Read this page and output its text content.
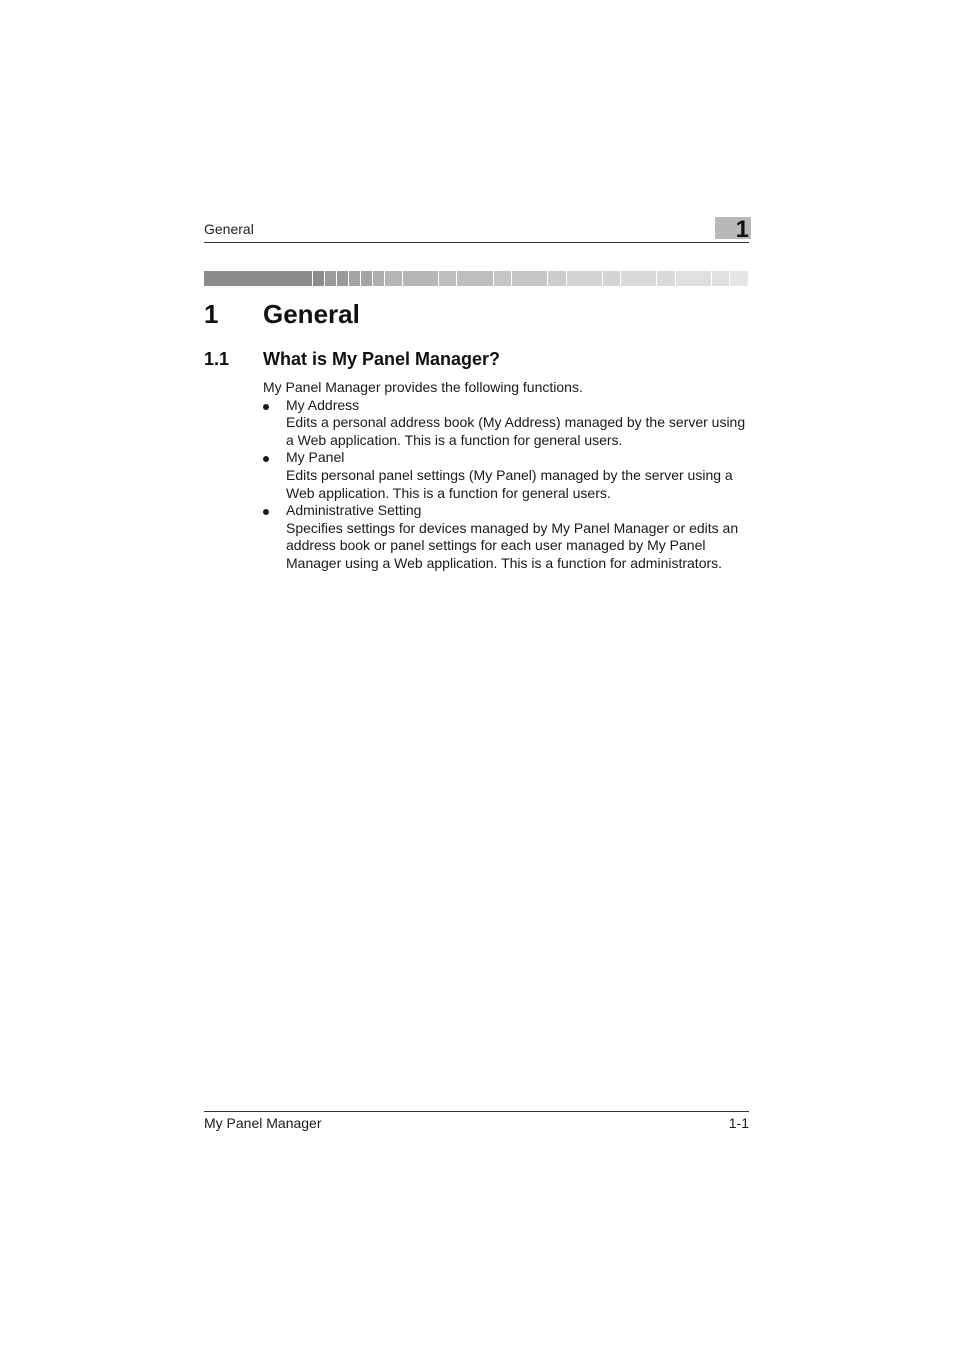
General	1
1 General
1.1 What is My Panel Manager?

My Panel Manager provides the following functions.

My Address
Edits a personal address book (My Address) managed by the server using a Web application. This is a function for general users.
My Panel
Edits personal panel settings (My Panel) managed by the server using a Web application. This is a function for general users.
Administrative Setting
Specifies settings for devices managed by My Panel Manager or edits an address book or panel settings for each user managed by My Panel Manager using a Web application. This is a function for administrators.
My Panel Manager	1-1
